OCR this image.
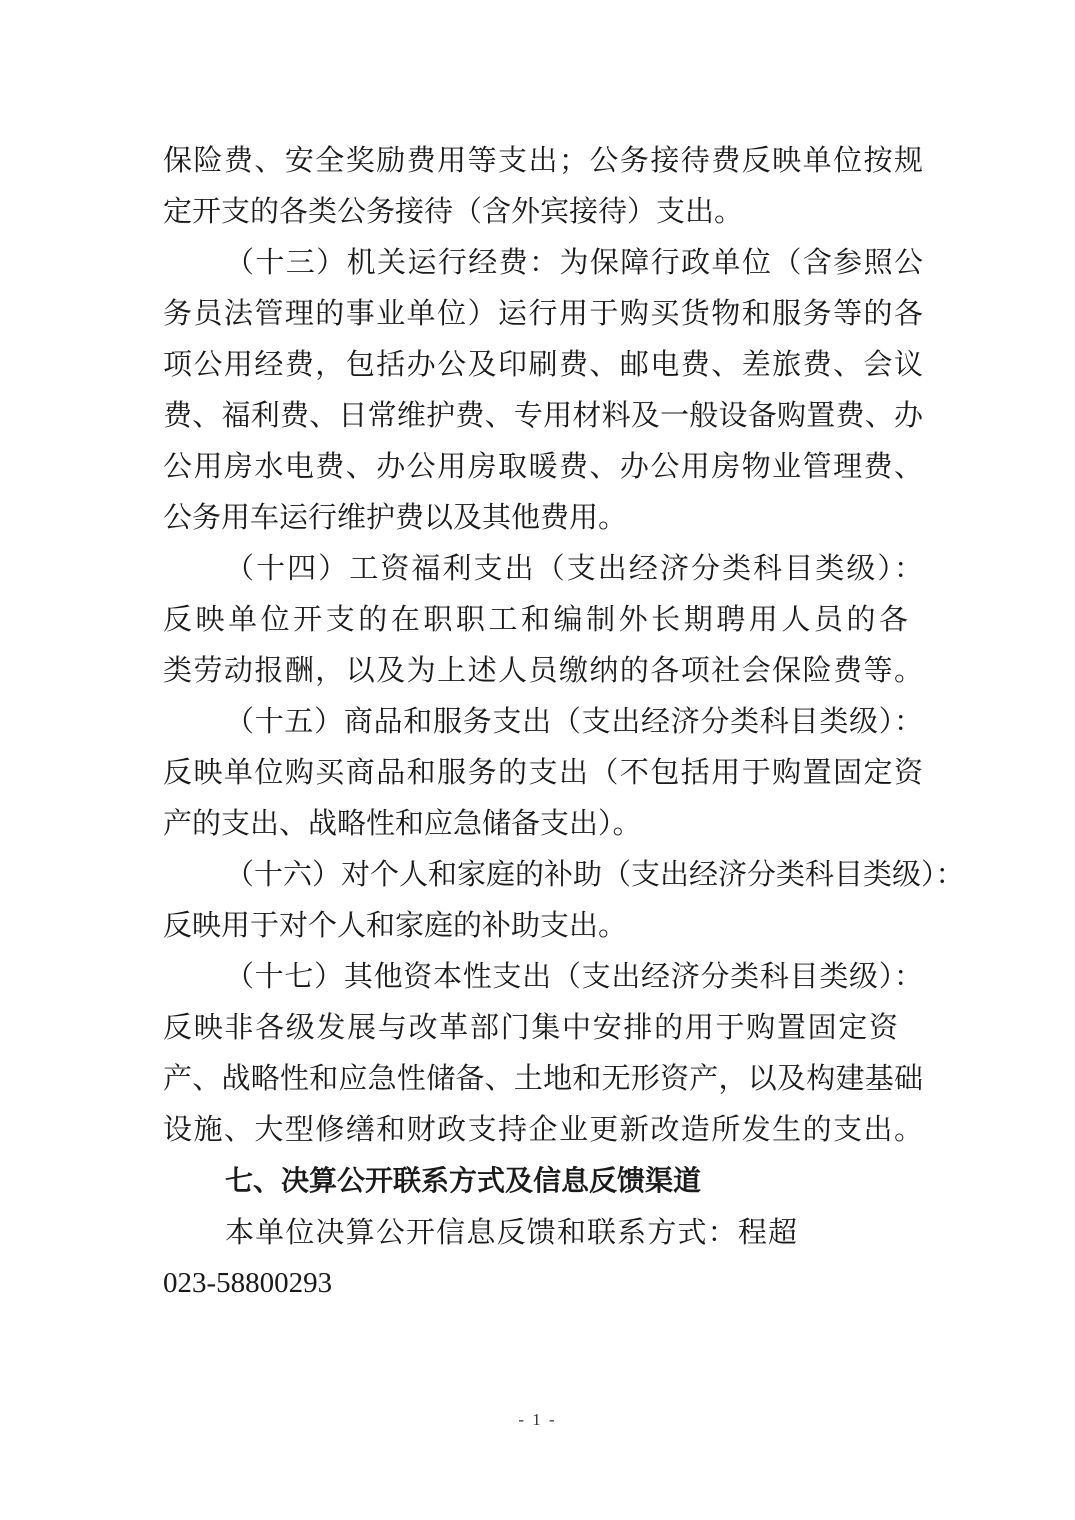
保险费、安全奖励费用等支出；公务接待费反映单位按规
定开支的各类公务接待（含外宾接待）支出。
（十三）机关运行经费：为保障行政单位（含参照公
务员法管理的事业单位）运行用于购买货物和服务等的各
项公用经费，包括办公及印刷费、邮电费、差旅费、会议
费、福利费、日常维护费、专用材料及一般设备购置费、办
公用房水电费、办公用房取暖费、办公用房物业管理费、
公务用车运行维护费以及其他费用。
（十四）工资福利支出（支出经济分类科目类级）：
反映单位开支的在职职工和编制外长期聘用人员的各
类劳动报酬，以及为上述人员缴纳的各项社会保险费等。
（十五）商品和服务支出（支出经济分类科目类级）：
反映单位购买商品和服务的支出（不包括用于购置固定资
产的支出、战略性和应急储备支出）。
（十六）对个人和家庭的补助（支出经济分类科目类级）：
反映用于对个人和家庭的补助支出。
（十七）其他资本性支出（支出经济分类科目类级）：
反映非各级发展与改革部门集中安排的用于购置固定资
产、战略性和应急性储备、土地和无形资产，以及构建基础
设施、大型修缮和财政支持企业更新改造所发生的支出。
七、决算公开联系方式及信息反馈渠道
本单位决算公开信息反馈和联系方式：程超
023-58800293
- 1 -
